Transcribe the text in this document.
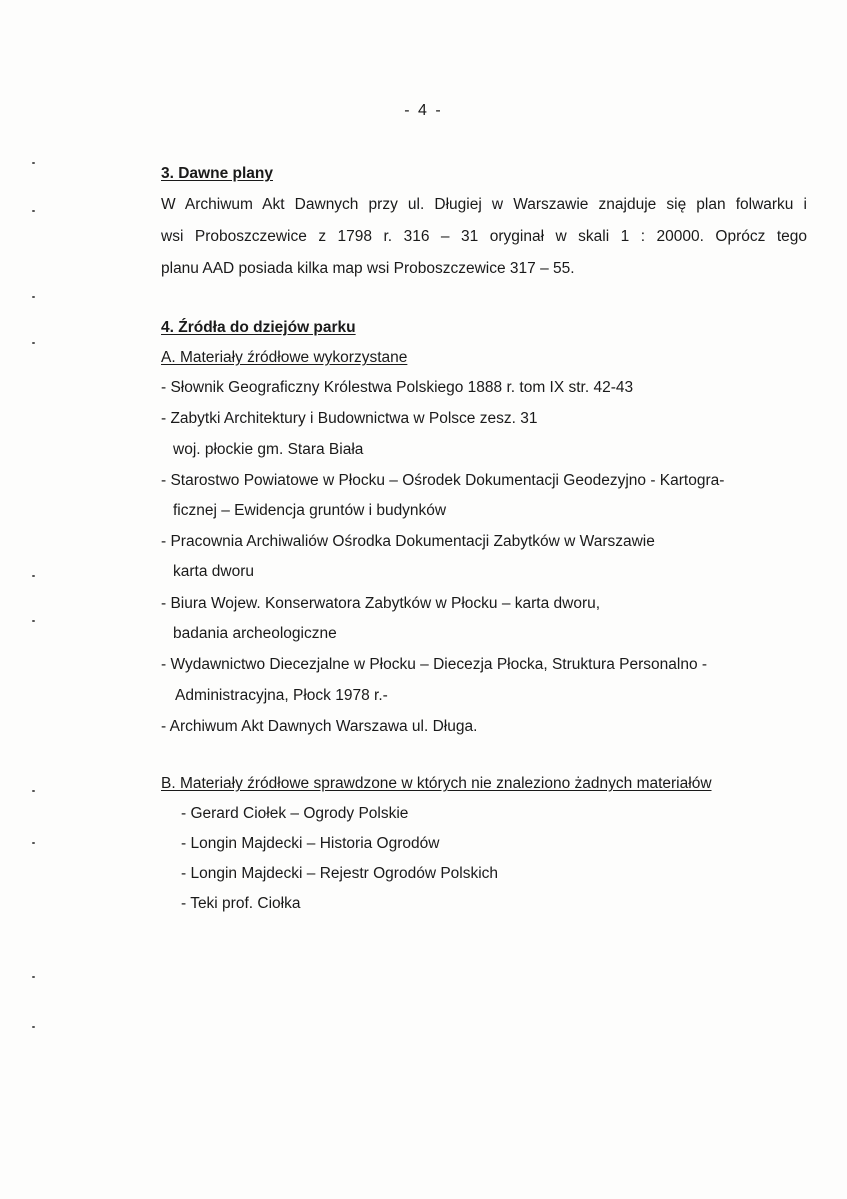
- 4 -
3. Dawne plany
W Archiwum Akt Dawnych przy ul. Długiej w Warszawie znajduje się plan folwarku i
wsi Proboszczewice z 1798 r. 316 – 31 oryginał w skali 1 : 20000. Oprócz tego
planu AAD posiada kilka map wsi Proboszczewice 317 – 55.
4. Źródła do dziejów parku
A. Materiały źródłowe wykorzystane
- Słownik Geograficzny Królestwa Polskiego 1888 r. tom IX str. 42-43
- Zabytki Architektury i Budownictwa w Polsce zesz. 31
woj. płockie gm. Stara Biała
- Starostwo Powiatowe w Płocku – Ośrodek Dokumentacji Geodezyjno - Kartogra-
ficznej – Ewidencja gruntów i budynków
- Pracownia Archiwaliów Ośrodka Dokumentacji Zabytków w Warszawie
karta dworu
- Biura Wojew. Konserwatora Zabytków w Płocku – karta dworu,
badania archeologiczne
- Wydawnictwo Diecezjalne w Płocku – Diecezja Płocka, Struktura Personalno -
Administracyjna, Płock 1978 r.-
- Archiwum Akt Dawnych Warszawa ul. Długa.
B. Materiały źródłowe sprawdzone w których nie znaleziono żadnych materiałów
- Gerard Ciołek – Ogrody Polskie
- Longin Majdecki – Historia Ogrodów
- Longin Majdecki – Rejestr Ogrodów Polskich
- Teki prof. Ciołka
